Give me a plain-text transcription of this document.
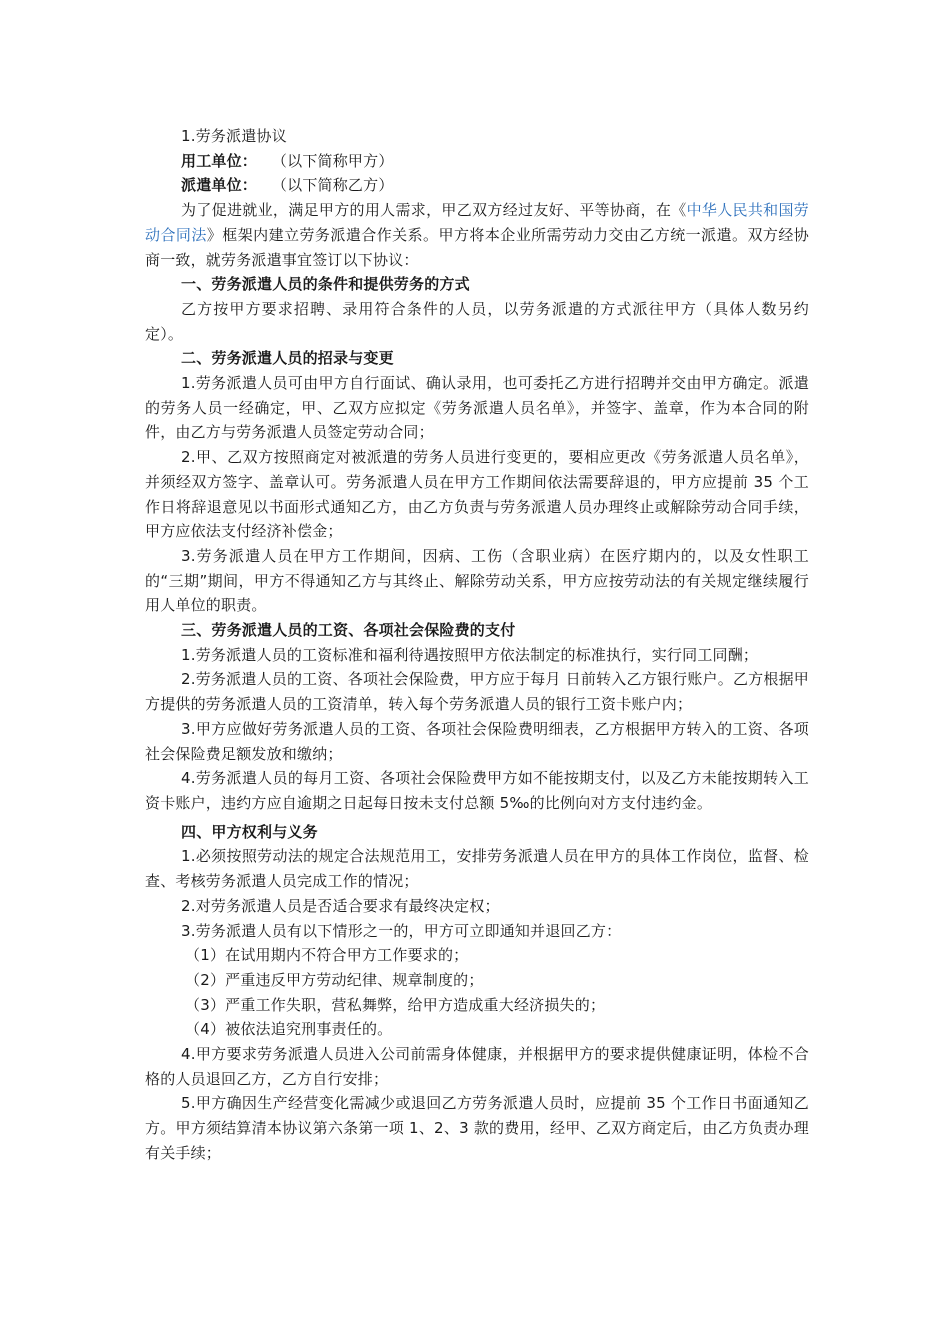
1.劳务派遣协议

用工单位： （以下简称甲方）

派遣单位： （以下简称乙方）

为了促进就业，满足甲方的用人需求，甲乙双方经过友好、平等协商，在《中华人民共和国劳动合同法》框架内建立劳务派遣合作关系。甲方将本企业所需劳动力交由乙方统一派遣。双方经协商一致，就劳务派遣事宜签订以下协议：

一、劳务派遣人员的条件和提供劳务的方式

乙方按甲方要求招聘、录用符合条件的人员，以劳务派遣的方式派往甲方（具体人数另约定）。

二、劳务派遣人员的招录与变更

1.劳务派遣人员可由甲方自行面试、确认录用，也可委托乙方进行招聘并交由甲方确定。派遣的劳务人员一经确定，甲、乙双方应拟定《劳务派遣人员名单》，并签字、盖章，作为本合同的附件，由乙方与劳务派遣人员签定劳动合同；

2.甲、乙双方按照商定对被派遣的劳务人员进行变更的，要相应更改《劳务派遣人员名单》，并须经双方签字、盖章认可。劳务派遣人员在甲方工作期间依法需要辞退的，甲方应提前 35 个工作日将辞退意见以书面形式通知乙方，由乙方负责与劳务派遣人员办理终止或解除劳动合同手续，甲方应依法支付经济补偿金；

3.劳务派遣人员在甲方工作期间，因病、工伤（含职业病）在医疗期内的，以及女性职工的“三期”期间，甲方不得通知乙方与其终止、解除劳动关系，甲方应按劳动法的有关规定继续履行用人单位的职责。

三、劳务派遣人员的工资、各项社会保险费的支付

1.劳务派遣人员的工资标准和福利待遇按照甲方依法制定的标准执行，实行同工同酬；

2.劳务派遣人员的工资、各项社会保险费，甲方应于每月 日前转入乙方银行账户。乙方根据甲方提供的劳务派遣人员的工资清单，转入每个劳务派遣人员的银行工资卡账户内；

3.甲方应做好劳务派遣人员的工资、各项社会保险费明细表，乙方根据甲方转入的工资、各项社会保险费足额发放和缴纳；

4.劳务派遣人员的每月工资、各项社会保险费甲方如不能按期支付，以及乙方未能按期转入工资卡账户，违约方应自逾期之日起每日按未支付总额 5‰的比例向对方支付违约金。

四、甲方权利与义务

1.必须按照劳动法的规定合法规范用工，安排劳务派遣人员在甲方的具体工作岗位，监督、检查、考核劳务派遣人员完成工作的情况；

2.对劳务派遣人员是否适合要求有最终决定权；

3.劳务派遣人员有以下情形之一的，甲方可立即通知并退回乙方：

（1）在试用期内不符合甲方工作要求的；

（2）严重违反甲方劳动纪律、规章制度的；

（3）严重工作失职，营私舞弊，给甲方造成重大经济损失的；

（4）被依法追究刑事责任的。

4.甲方要求劳务派遣人员进入公司前需身体健康，并根据甲方的要求提供健康证明，体检不合格的人员退回乙方，乙方自行安排；

5.甲方确因生产经营变化需减少或退回乙方劳务派遣人员时，应提前 35 个工作日书面通知乙方。甲方须结算清本协议第六条第一项 1、2、3 款的费用，经甲、乙双方商定后，由乙方负责办理有关手续；
